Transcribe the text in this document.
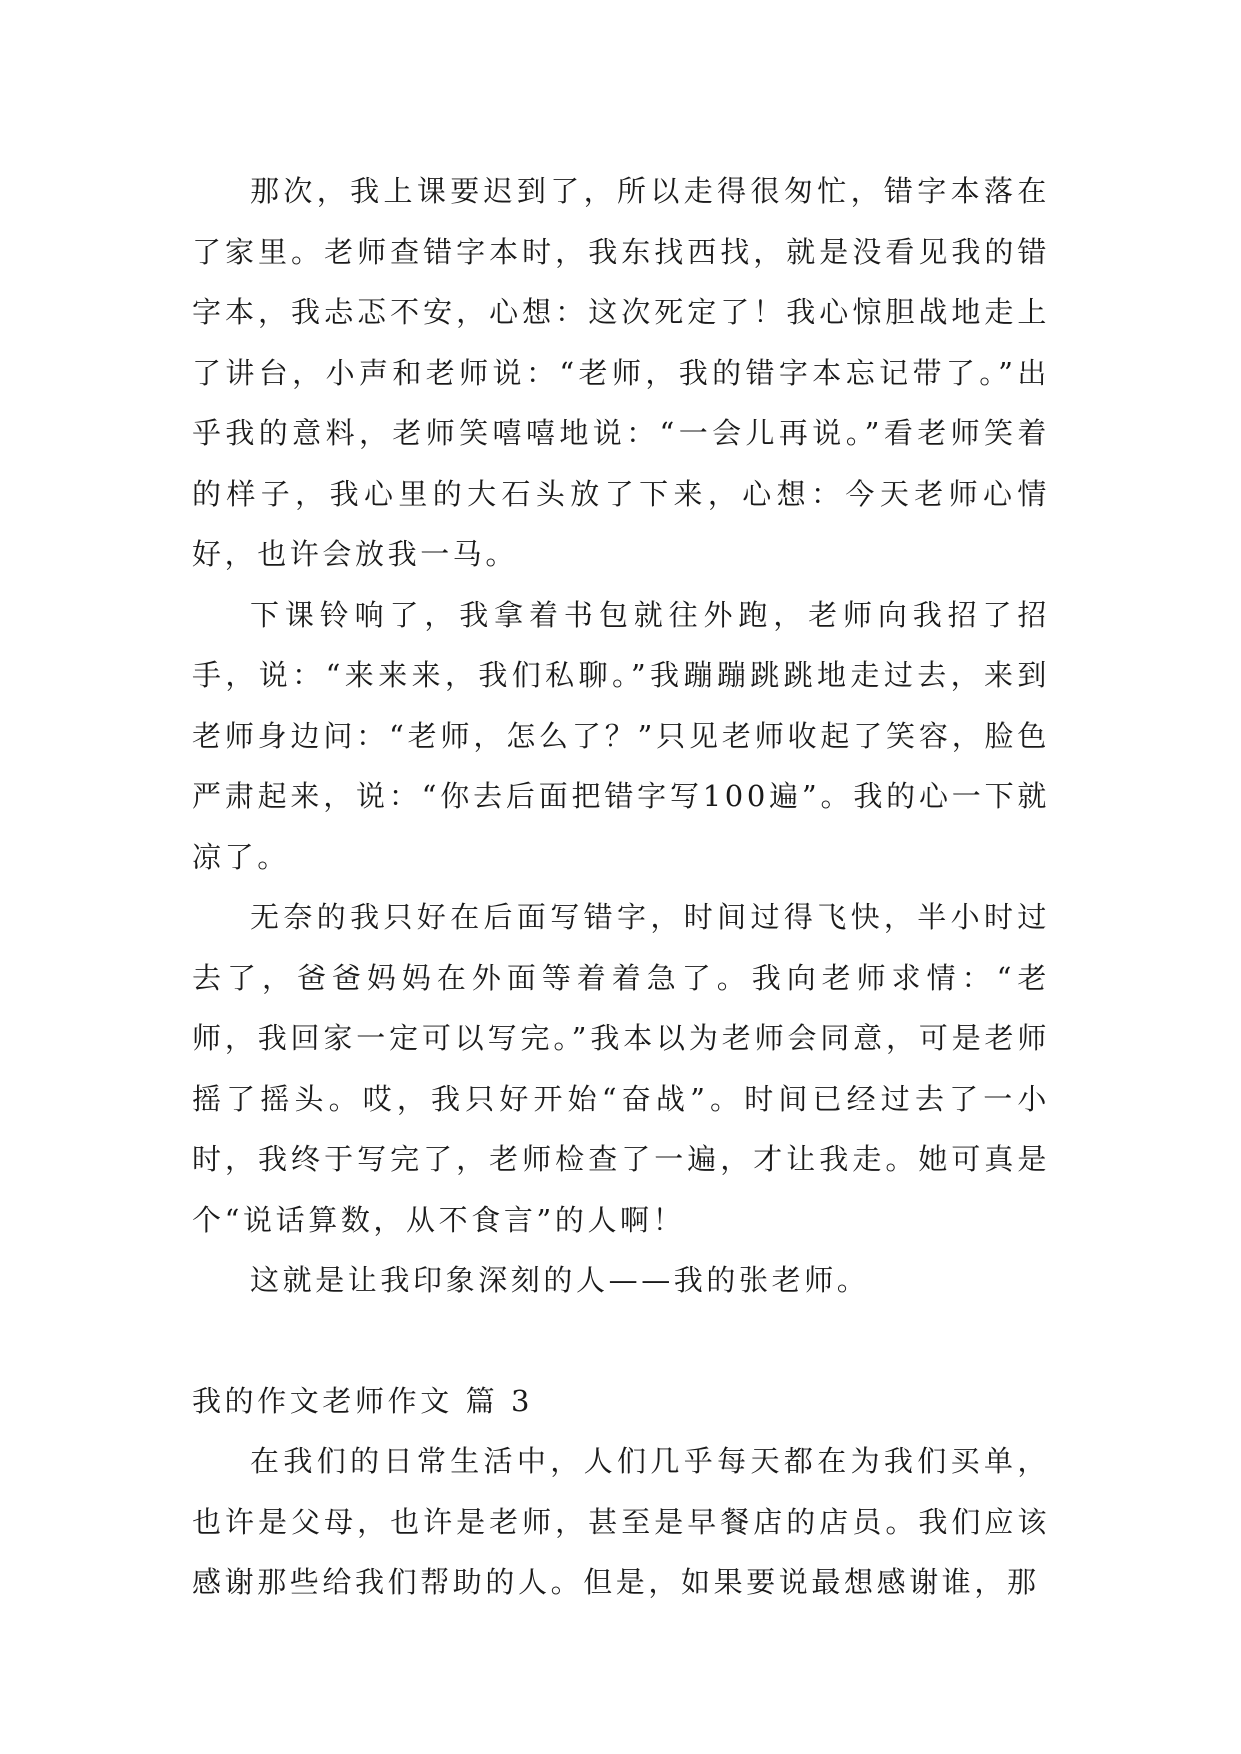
那次，我上课要迟到了，所以走得很匆忙，错字本落在了家里。老师查错字本时，我东找西找，就是没看见我的错字本，我忐忑不安，心想：这次死定了！我心惊胆战地走上了讲台，小声和老师说：“老师，我的错字本忘记带了。”出乎我的意料，老师笑嘻嘻地说：“一会儿再说。”看老师笑着的样子，我心里的大石头放了下来，心想：今天老师心情好，也许会放我一马。

下课铃响了，我拿着书包就往外跑，老师向我招了招手，说：“来来来，我们私聊。”我蹦蹦跳跳地走过去，来到老师身边问：“老师，怎么了？”只见老师收起了笑容，脸色严肃起来，说：“你去后面把错字写100遍”。我的心一下就凉了。

无奈的我只好在后面写错字，时间过得飞快，半小时过去了，爸爸妈妈在外面等着着急了。我向老师求情：“老师，我回家一定可以写完。”我本以为老师会同意，可是老师摇了摇头。哎，我只好开始“奋战”。时间已经过去了一小时，我终于写完了，老师检查了一遍，才让我走。她可真是个“说话算数，从不食言”的人啊！

这就是让我印象深刻的人——我的张老师。

我的作文老师作文 篇 3

在我们的日常生活中，人们几乎每天都在为我们买单，也许是父母，也许是老师，甚至是早餐店的店员。我们应该感谢那些给我们帮助的人。但是，如果要说最想感谢谁，那
